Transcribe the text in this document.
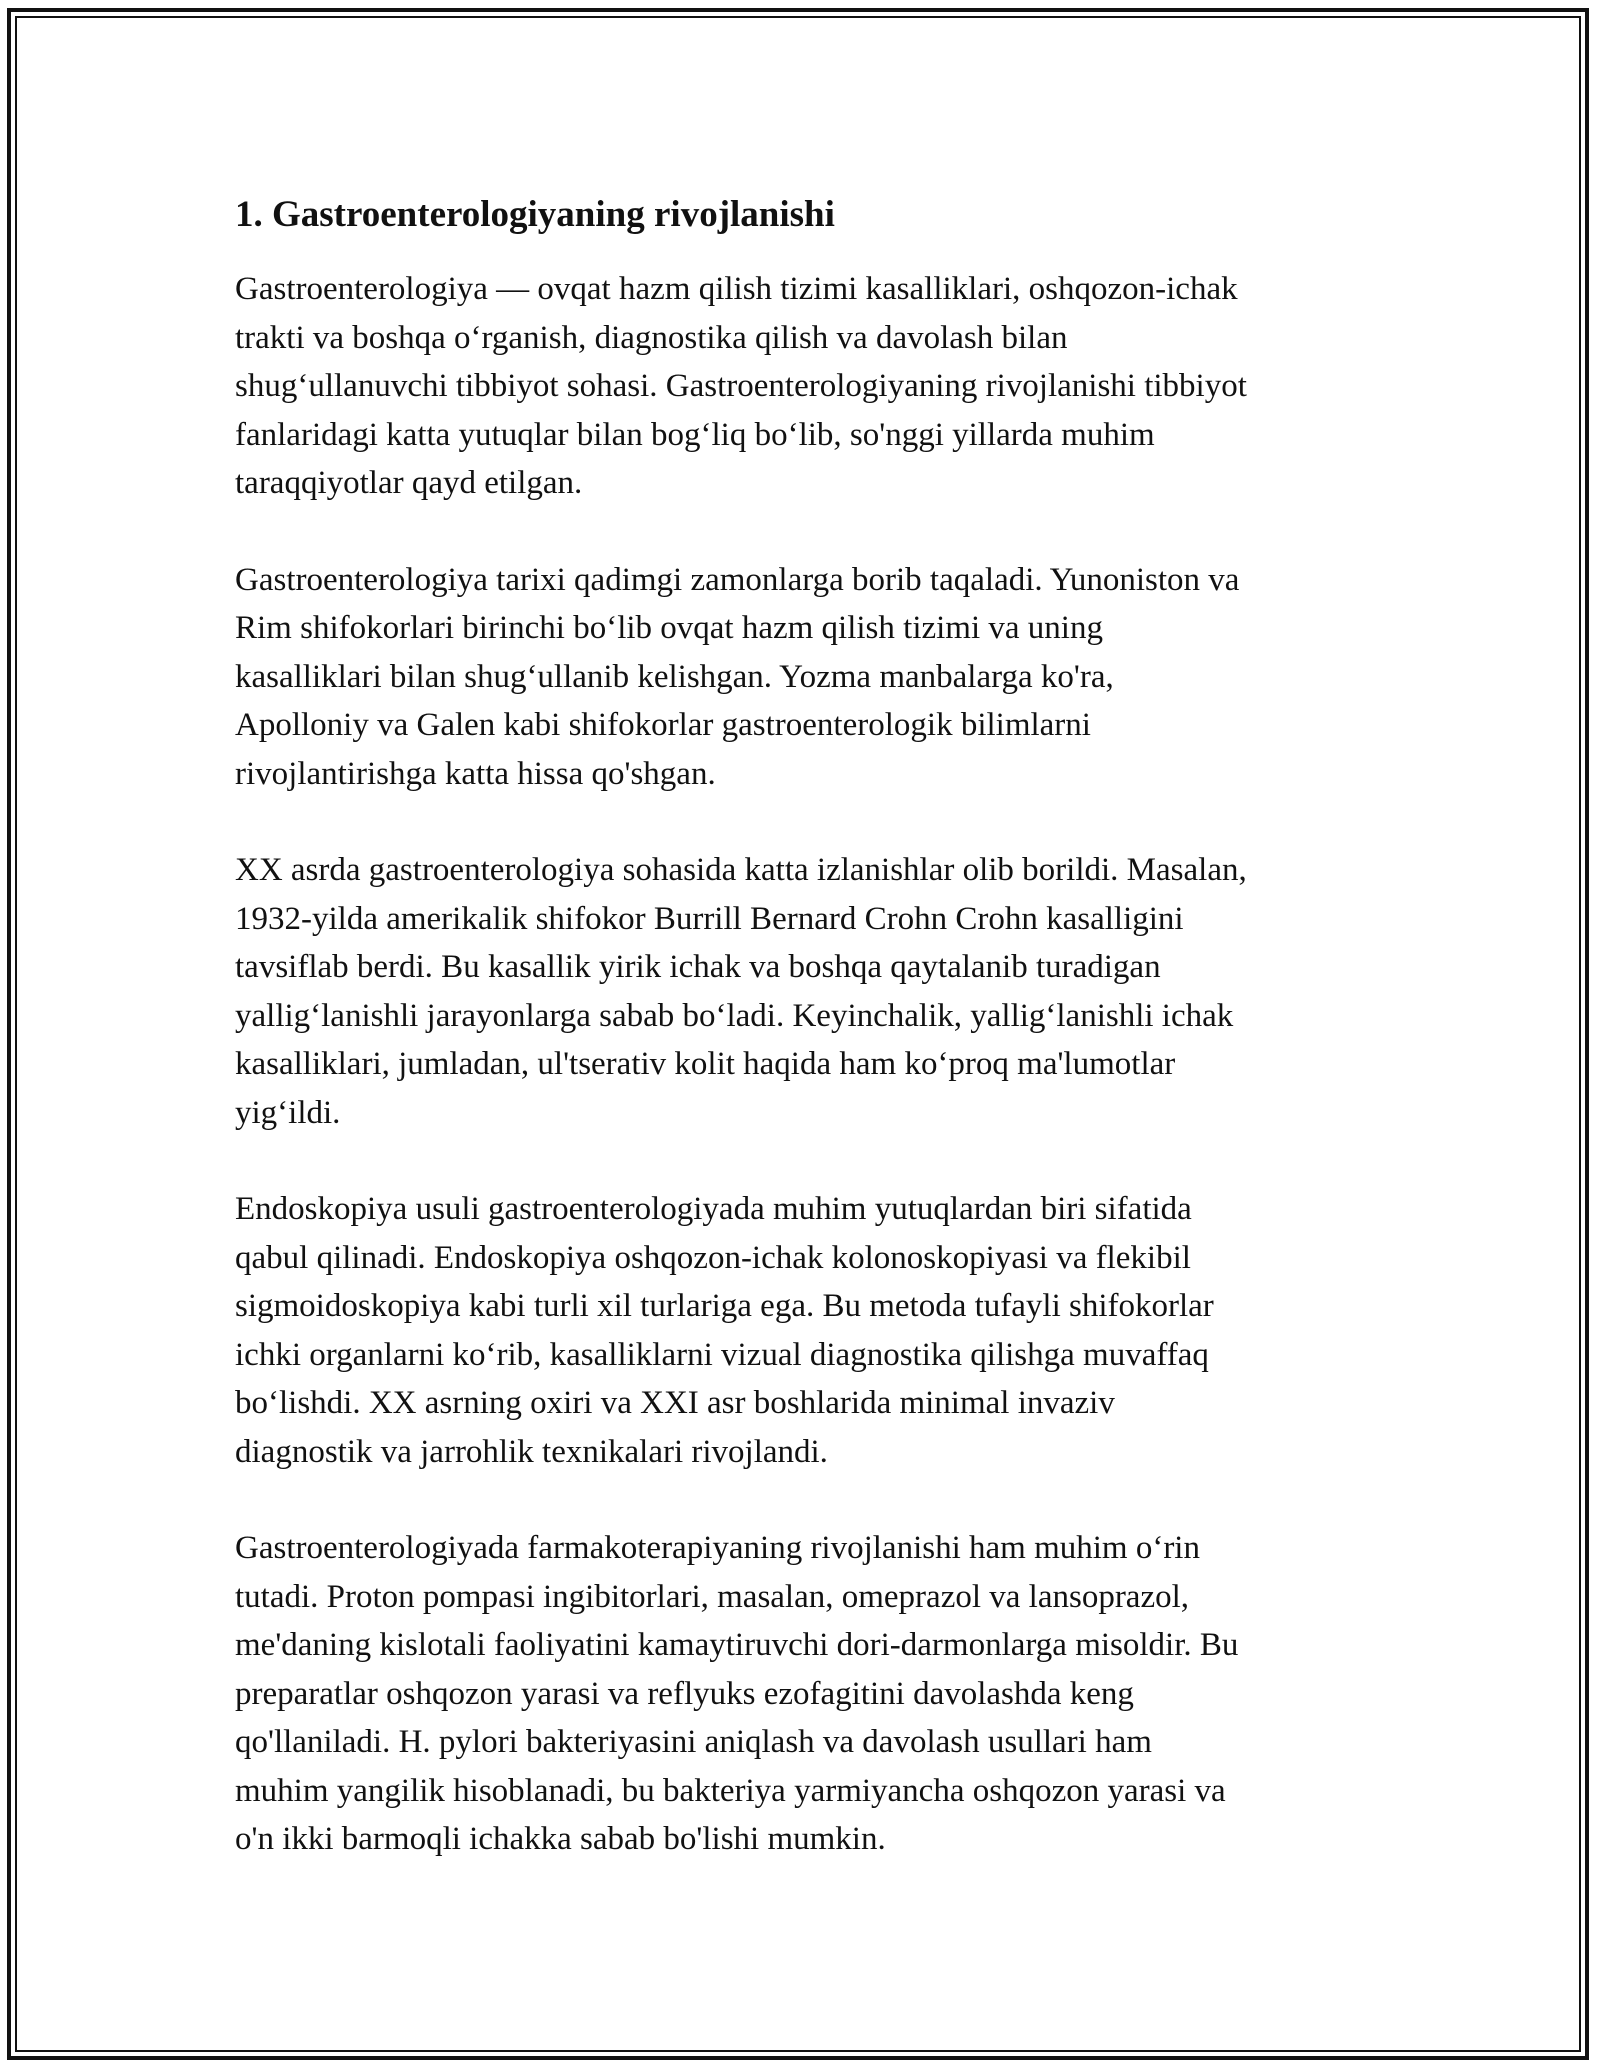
1. Gastroenterologiyaning rivojlanishi

Gastroenterologiya — ovqat hazm qilish tizimi kasalliklari, oshqozon-ichak
trakti va boshqa oʻrganish, diagnostika qilish va davolash bilan
shugʻullanuvchi tibbiyot sohasi. Gastroenterologiyaning rivojlanishi tibbiyot
fanlaridagi katta yutuqlar bilan bogʻliq boʻlib, so'nggi yillarda muhim
taraqqiyotlar qayd etilgan.

Gastroenterologiya tarixi qadimgi zamonlarga borib taqaladi. Yunoniston va
Rim shifokorlari birinchi boʻlib ovqat hazm qilish tizimi va uning
kasalliklari bilan shugʻullanib kelishgan. Yozma manbalarga ko'ra,
Apolloniy va Galen kabi shifokorlar gastroenterologik bilimlarni
rivojlantirishga katta hissa qo'shgan.

XX asrda gastroenterologiya sohasida katta izlanishlar olib borildi. Masalan,
1932-yilda amerikalik shifokor Burrill Bernard Crohn Crohn kasalligini
tavsiflab berdi. Bu kasallik yirik ichak va boshqa qaytalanib turadigan
yalligʻlanishli jarayonlarga sabab boʻladi. Keyinchalik, yalligʻlanishli ichak
kasalliklari, jumladan, ul'tserativ kolit haqida ham koʻproq ma'lumotlar
yigʻildi.

Endoskopiya usuli gastroenterologiyada muhim yutuqlardan biri sifatida
qabul qilinadi. Endoskopiya oshqozon-ichak kolonoskopiyasi va flekibil
sigmoidoskopiya kabi turli xil turlariga ega. Bu metoda tufayli shifokorlar
ichki organlarni koʻrib, kasalliklarni vizual diagnostika qilishga muvaffaq
boʻlishdi. XX asrning oxiri va XXI asr boshlarida minimal invaziv
diagnostik va jarrohlik texnikalari rivojlandi.

Gastroenterologiyada farmakoterapiyaning rivojlanishi ham muhim oʻrin
tutadi. Proton pompasi ingibitorlari, masalan, omeprazol va lansoprazol,
me'daning kislotali faoliyatini kamaytiruvchi dori-darmonlarga misoldir. Bu
preparatlar oshqozon yarasi va reflyuks ezofagitini davolashda keng
qo'llaniladi. H. pylori bakteriyasini aniqlash va davolash usullari ham
muhim yangilik hisoblanadi, bu bakteriya yarmiyancha oshqozon yarasi va
o'n ikki barmoqli ichakka sabab bo'lishi mumkin.
